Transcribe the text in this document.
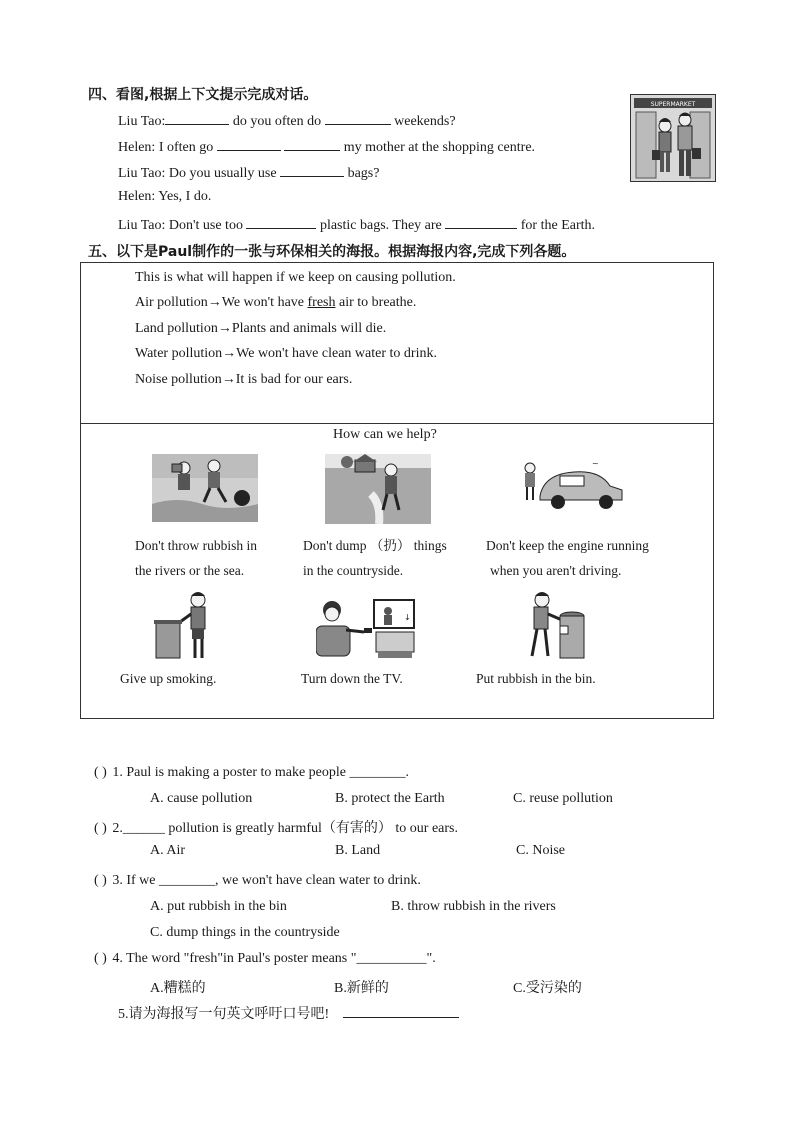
四、看图,根据上下文提示完成对话。
Liu Tao:	do you often do	weekends?
Helen: I often go	my mother at the shopping centre.
Liu Tao: Do you usually use	bags?
Helen: Yes, I do.
Liu Tao: Don't use too	plastic bags. They are	for the Earth.
SUPERMARKET
五、以下是Paul制作的一张与环保相关的海报。根据海报内容,完成下列各题。
This is what will happen if we keep on causing pollution.
Air pollution→We won't have fresh air to breathe.
Land pollution→Plants and animals will die.
Water pollution→We won't have clean water to drink.
Noise pollution→It is bad for our ears.
How can we help?
~
Don't throw rubbish in
the rivers or the sea.
Don't dump （扔） things
in the countryside.
Don't keep the engine running
when you aren't driving.
↓
Give up smoking.	Turn down the TV.	Put rubbish in the bin.
( ) 1. Paul is making a poster to make people ________.
A. cause pollution	B. protect the Earth	C. reuse pollution
( ) 2.______ pollution is greatly harmful（有害的） to our ears.
A. Air	B. Land	C. Noise
( ) 3. If we ________, we won't have clean water to drink.
A. put rubbish in the bin	B. throw rubbish in the rivers
C. dump things in the countryside
( ) 4. The word "fresh"in Paul's poster means "__________".
A.糟糕的	B.新鲜的	C.受污染的
5.请为海报写一句英文呼吁口号吧!
